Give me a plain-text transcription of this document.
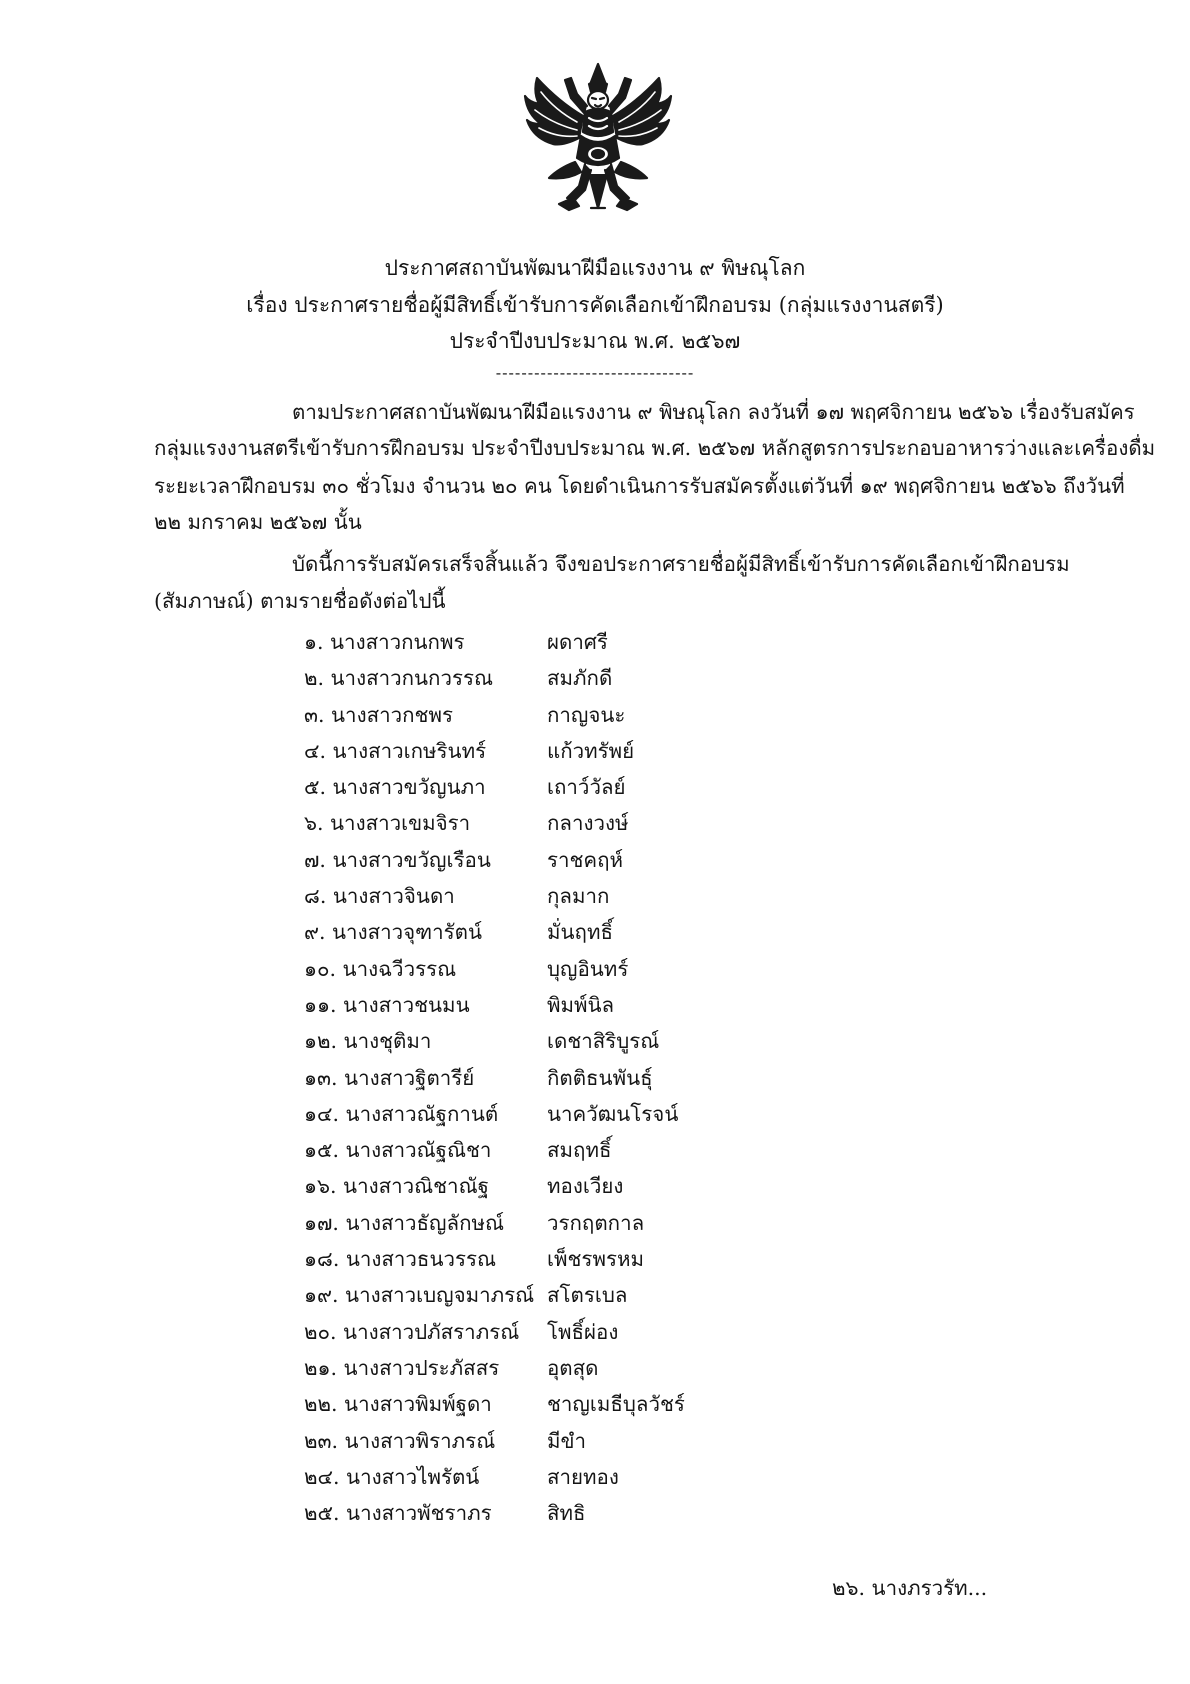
ประกาศสถาบันพัฒนาฝีมือแรงงาน ๙ พิษณุโลก
เรื่อง ประกาศรายชื่อผู้มีสิทธิ์เข้ารับการคัดเลือกเข้าฝึกอบรม (กลุ่มแรงงานสตรี)
ประจำปีงบประมาณ พ.ศ. ๒๕๖๗
-------------------------------
ตามประกาศสถาบันพัฒนาฝีมือแรงงาน ๙ พิษณุโลก ลงวันที่ ๑๗ พฤศจิกายน ๒๕๖๖ เรื่องรับสมัคร
กลุ่มแรงงานสตรีเข้ารับการฝึกอบรม ประจำปีงบประมาณ พ.ศ. ๒๕๖๗ หลักสูตรการประกอบอาหารว่างและเครื่องดื่ม
ระยะเวลาฝึกอบรม ๓๐ ชั่วโมง จำนวน ๒๐ คน โดยดำเนินการรับสมัครตั้งแต่วันที่ ๑๙ พฤศจิกายน ๒๕๖๖ ถึงวันที่
๒๒ มกราคม ๒๕๖๗ นั้น
บัดนี้การรับสมัครเสร็จสิ้นแล้ว จึงขอประกาศรายชื่อผู้มีสิทธิ์เข้ารับการคัดเลือกเข้าฝึกอบรม
(สัมภาษณ์) ตามรายชื่อดังต่อไปนี้
๑. นางสาวกนกพร	ผดาศรี
๒. นางสาวกนกวรรณ	สมภักดี
๓. นางสาวกชพร	กาญจนะ
๔. นางสาวเกษรินทร์	แก้วทรัพย์
๕. นางสาวขวัญนภา	เถาว์วัลย์
๖. นางสาวเขมจิรา	กลางวงษ์
๗. นางสาวขวัญเรือน	ราชคฤห์
๘. นางสาวจินดา	กุลมาก
๙. นางสาวจุฑารัตน์	มั่นฤทธิ์
๑๐. นางฉวีวรรณ	บุญอินทร์
๑๑. นางสาวชนมน	พิมพ์นิล
๑๒. นางชุติมา	เดชาสิริบูรณ์
๑๓. นางสาวฐิตารีย์	กิตติธนพันธุ์
๑๔. นางสาวณัฐกานต์ นาควัฒนโรจน์
๑๕. นางสาวณัฐณิชา	สมฤทธิ์
๑๖. นางสาวณิชาณัฐ	ทองเวียง
๑๗. นางสาวธัญลักษณ์ วรกฤตกาล
๑๘. นางสาวธนวรรณ เพ็ชรพรหม
๑๙. นางสาวเบญจมาภรณ์ สโตรเบล
๒๐. นางสาวปภัสราภรณ์ โพธิ์ผ่อง
๒๑. นางสาวประภัสสร อุตสุด
๒๒. นางสาวพิมพ์ฐดา	ชาญเมธีบุลวัชร์
๒๓. นางสาวพิราภรณ์	มีขำ
๒๔. นางสาวไพรัตน์	สายทอง
๒๕. นางสาวพัชราภร	สิทธิ
๒๖. นางภรวรัท...
